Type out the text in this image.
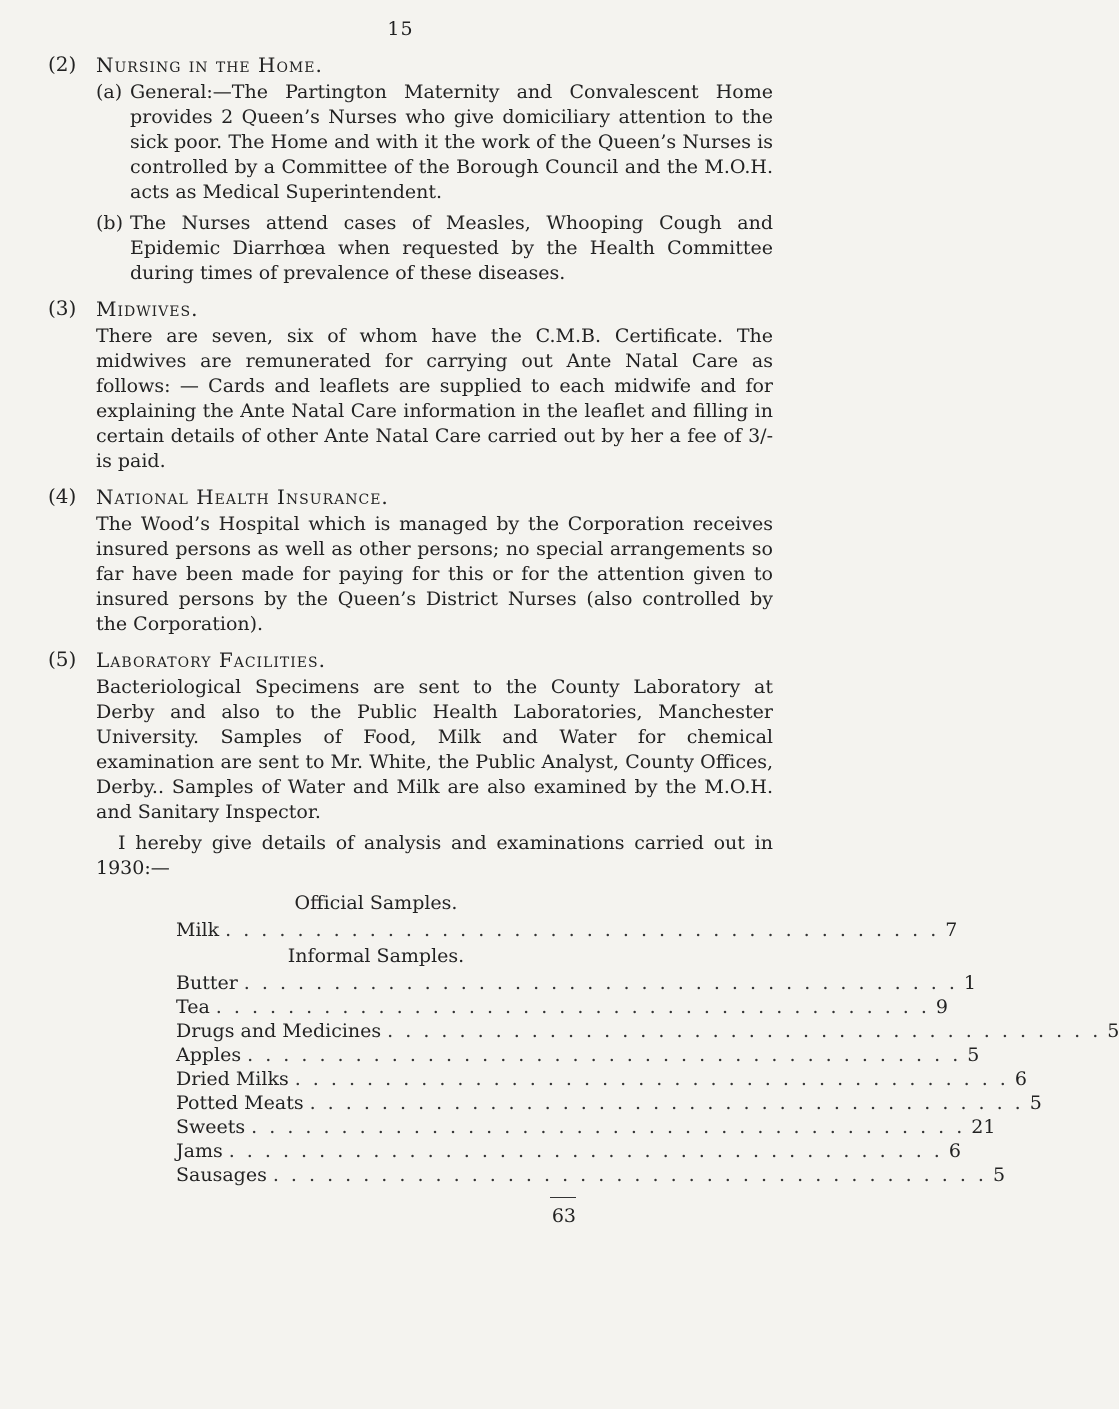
15
(2) Nursing in the Home.
(a) General:—The Partington Maternity and Convalescent Home provides 2 Queen’s Nurses who give domiciliary attention to the sick poor. The Home and with it the work of the Queen’s Nurses is controlled by a Committee of the Borough Council and the M.O.H. acts as Medical Superintendent.

(b) The Nurses attend cases of Measles, Whooping Cough and Epidemic Diarrhœa when requested by the Health Committee during times of prevalence of these diseases.

(3) Midwives.

There are seven, six of whom have the C.M.B. Certificate. The midwives are remunerated for carrying out Ante Natal Care as follows: — Cards and leaflets are supplied to each midwife and for explaining the Ante Natal Care information in the leaflet and filling in certain details of other Ante Natal Care carried out by her a fee of 3/- is paid.

(4) National Health Insurance.

The Wood’s Hospital which is managed by the Corporation receives insured persons as well as other persons; no special arrangements so far have been made for paying for this or for the attention given to insured persons by the Queen’s District Nurses (also controlled by the Corporation).

(5) Laboratory Facilities.

Bacteriological Specimens are sent to the County Laboratory at Derby and also to the Public Health Laboratories, Manchester University. Samples of Food, Milk and Water for chemical examination are sent to Mr. White, the Public Analyst, County Offices, Derby.. Samples of Water and Milk are also examined by the M.O.H. and Sanitary Inspector.

I hereby give details of analysis and examinations carried out in 1930:—

Official Samples.
Milk . . . . . . . . . . . . . . . . . . . . . . . . . . . . . . . . . . . . . . . . 7
Informal Samples.
Butter . . . . . . . . . . . . . . . . . . . . . . . . . . . . . . . . . . . . . . . . 1
Tea . . . . . . . . . . . . . . . . . . . . . . . . . . . . . . . . . . . . . . . . 9
Drugs and Medicines . . . . . . . . . . . . . . . . . . . . . . . . . . . . . . . . . . . . . . . . 5
Apples . . . . . . . . . . . . . . . . . . . . . . . . . . . . . . . . . . . . . . . . 5
Dried Milks . . . . . . . . . . . . . . . . . . . . . . . . . . . . . . . . . . . . . . . . 6
Potted Meats . . . . . . . . . . . . . . . . . . . . . . . . . . . . . . . . . . . . . . . . 5
Sweets . . . . . . . . . . . . . . . . . . . . . . . . . . . . . . . . . . . . . . . . 21
Jams . . . . . . . . . . . . . . . . . . . . . . . . . . . . . . . . . . . . . . . . 6
Sausages . . . . . . . . . . . . . . . . . . . . . . . . . . . . . . . . . . . . . . . . 5
63
